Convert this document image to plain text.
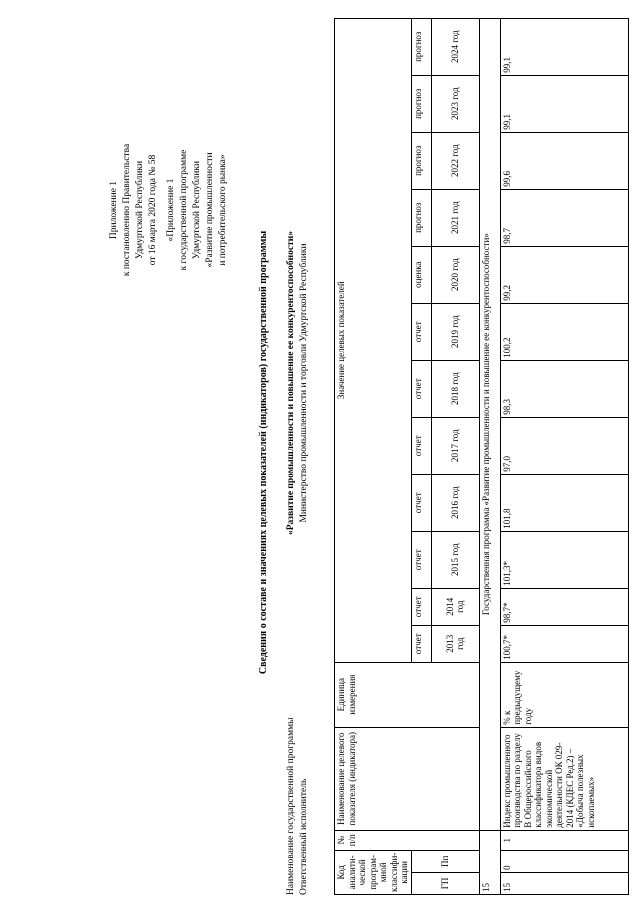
Приложение 1 к постановлению Правительства Удмуртской Республики от 16 марта 2020 года № 58 «Приложение 1 к государственной программе Удмуртской Республики «Развитие промышленности и потребительского рынка»
Сведения о составе и значениях целевых показателей (индикаторов) государственной программы
Наименование государственной программы Ответственный исполнитель
«Развитие промышленности и повышение ее конкурентоспособности» Министерство промышленности и торговли Удмуртской Республики
Код аналити-ческой програм-мной классифи-кации		№ п/п	Наименование целевого показателя (индикатора)	Единица измерения	Значение целевых показателей											
ГП	Пп				отчет	отчет	отчет	отчет	отчет	отчет	отчет	оценка	прогноз	прогноз	прогноз	прогноз
					2013 год	2014 год	2015 год	2016 год	2017 год	2018 год	2019 год	2020 год	2021 год	2022 год	2023 год	2024 год
15			Государственная программа «Развитие промышленности и повышение ее конкурентоспособности»													
15	0	1	Индекс промышленного производства по разделу B Общероссийского классификатора видов экономической деятельности ОК 029-2014 (КДЕС Ред.2) – «Добыча полезных ископаемых»	% к предыдущему году	100,7*	98,7*	101,3*	101,8	97,0	98,3	100,2	99,2	98,7	99,6	99,1	99,1
